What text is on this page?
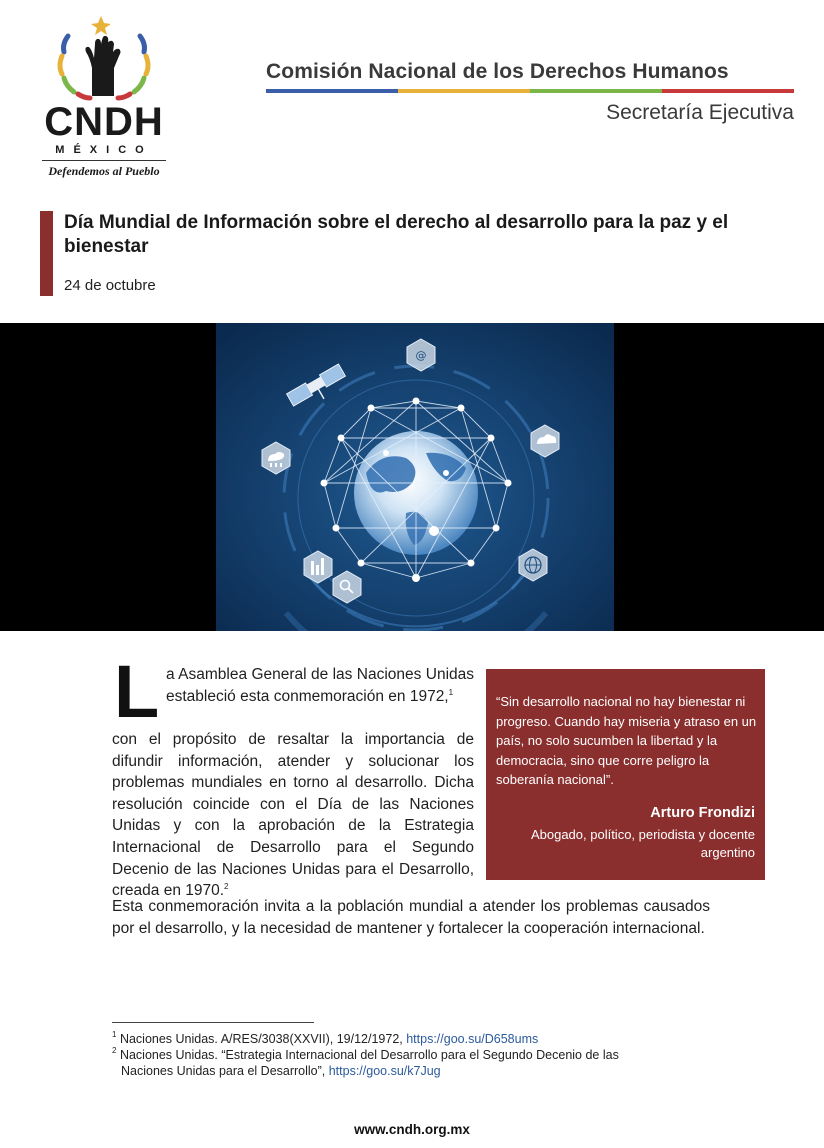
CNDH
MÉXICO
Defendemos al Pueblo
Comisión Nacional de los Derechos Humanos
Secretaría Ejecutiva
Día Mundial de Información sobre el derecho al desarrollo para la paz y el bienestar
24 de octubre
@
L a Asamblea General de las Naciones Unidas estableció esta conmemoración en 1972,$^1$
con el propósito de resaltar la importancia de difundir información, atender y solucionar los problemas mundiales en torno al desarrollo. Dicha resolución coincide con el Día de las Naciones Unidas y con la aprobación de la Estrategia Internacional de Desarrollo para el Segundo Decenio de las Naciones Unidas para el Desarrollo, creada en 1970.$^2$
Esta conmemoración invita a la población mundial a atender los problemas causados por el desarrollo, y la necesidad de mantener y fortalecer la cooperación internacional.
“Sin desarrollo nacional no hay bienestar ni progreso. Cuando hay miseria y atraso en un país, no solo sucumben la libertad y la democracia, sino que corre peligro la soberanía nacional”.
Arturo Frondizi
Abogado, político, periodista y docente argentino
$^1$ Naciones Unidas. A/RES/3038(XXVII), 19/12/1972, https://goo.su/D658ums
$^2$ Naciones Unidas. “Estrategia Internacional del Desarrollo para el Segundo Decenio de las
Naciones Unidas para el Desarrollo”, https://goo.su/k7Jug
www.cndh.org.mx
